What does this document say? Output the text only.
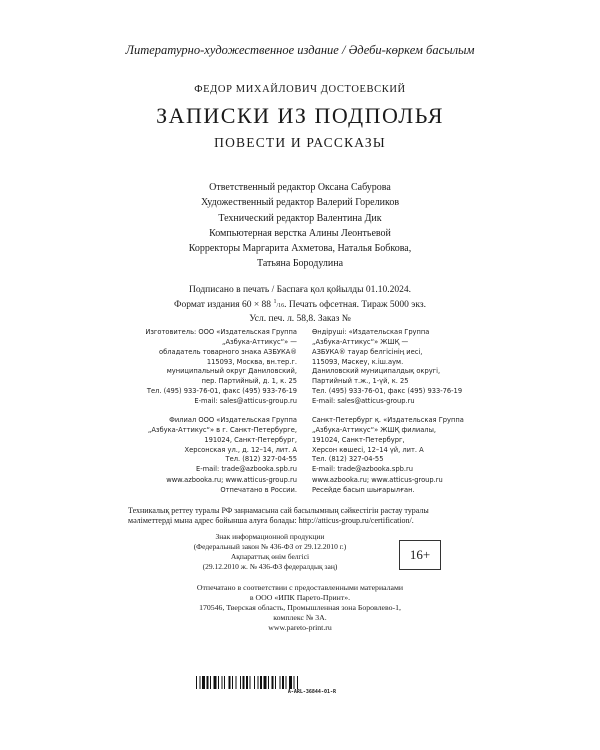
Литературно-художественное издание / Әдеби-көркем басылым
ФЕДОР МИХАЙЛОВИЧ ДОСТОЕВСКИЙ
ЗАПИСКИ ИЗ ПОДПОЛЬЯ
ПОВЕСТИ И РАССКАЗЫ
Ответственный редактор Оксана Сабурова
Художественный редактор Валерий Гореликов
Технический редактор Валентина Дик
Компьютерная верстка Алины Леонтьевой
Корректоры Маргарита Ахметова, Наталья Бобкова,
Татьяна Бородулина
Подписано в печать / Баспаға қол қойылды 01.10.2024.
Формат издания 60 × 88 $^1$/16. Печать офсетная. Тираж 5000 экз.
Усл. печ. л. 58,8. Заказ №
Изготовитель: ООО «Издательская Группа
„Азбука-Аттикус“» —
обладатель товарного знака АЗБУКА®
115093, Москва, вн.тер.г.
муниципальный округ Даниловский,
пер. Партийный, д. 1, к. 25
Тел. (495) 933-76-01, факс (495) 933-76-19
E-mail: sales@atticus-group.ru
Өндіруші: «Издательская Группа
„Азбука-Аттикус“» ЖШҚ —
АЗБУКА® тауар белгісінің иесі,
115093, Мәскеу, к.іш.аум.
Даниловский муниципалдық округі,
Партийный т.ж., 1-үй, к. 25
Тел. (495) 933-76-01, факс (495) 933-76-19
E-mail: sales@atticus-group.ru
Филиал ООО «Издательская Группа
„Азбука-Аттикус“» в г. Санкт-Петербурге,
191024, Санкт-Петербург,
Херсонская ул., д. 12–14, лит. А
Тел. (812) 327-04-55
E-mail: trade@azbooka.spb.ru
Санкт-Петербург қ. «Издательская Группа
„Азбука-Аттикус“» ЖШҚ филиалы,
191024, Санкт-Петербург,
Херсон көшесі, 12–14 үй, лит. А
Тел. (812) 327-04-55
E-mail: trade@azbooka.spb.ru
www.azbooka.ru; www.atticus-group.ru
Отпечатано в России.
www.azbooka.ru; www.atticus-group.ru
Ресейде басып шығарылған.
Техникалық реттеу туралы РФ заңнамасына сай басылымның сәйкестігін растау туралы
мәліметтерді мына адрес бойынша алуға болады: http://atticus-group.ru/certification/.
Знак информационной продукции
(Федеральный закон № 436-ФЗ от 29.12.2010 г.)
Ақпараттық өнім белгісі
(29.12.2010 ж. № 436-ФЗ федералдық заң)
16+
Отпечатано в соответствии с предоставленными материалами
в ООО «ИПК Парето-Принт».
170546, Тверская область, Промышленная зона Боровлево-1,
комплекс № 3А.
www.pareto-print.ru
A-ARL-36844-01-R
